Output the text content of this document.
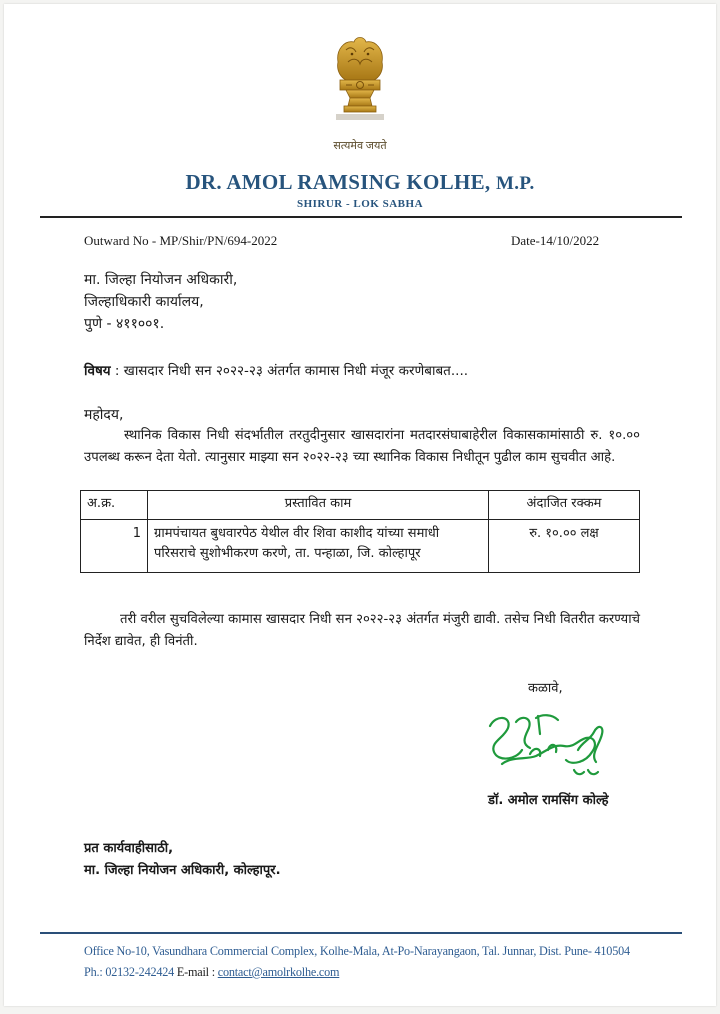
सत्यमेव जयते
DR. AMOL RAMSING KOLHE, M.P.
SHIRUR - LOK SABHA
Outward No - MP/Shir/PN/694-2022	Date-14/10/2022
मा. जिल्हा नियोजन अधिकारी,
जिल्हाधिकारी कार्यालय,
पुणे - ४११००१.
विषय : खासदार निधी सन २०२२-२३ अंतर्गत कामास निधी मंजूर करणेबाबत....
महोदय,
स्थानिक विकास निधी संदर्भातील तरतुदीनुसार खासदारांना मतदारसंघाबाहेरील विकासकामांसाठी रु. १०.०० उपलब्ध करून देता येतो. त्यानुसार माझ्या सन २०२२-२३ च्या स्थानिक विकास निधीतून पुढील काम सुचवीत आहे.
अ.क्र.	प्रस्तावित काम	अंदाजित रक्कम
1	ग्रामपंचायत बुधवारपेठ येथील वीर शिवा काशीद यांच्या समाधी परिसराचे सुशोभीकरण करणे, ता. पन्हाळा, जि. कोल्हापूर	रु. १०.०० लक्ष
तरी वरील सुचविलेल्या कामास खासदार निधी सन २०२२-२३ अंतर्गत मंजुरी द्यावी. तसेच निधी वितरीत करण्याचे निर्देश द्यावेत, ही विनंती.
कळावे,
डॉ. अमोल रामसिंग कोल्हे
प्रत कार्यवाहीसाठी,
मा. जिल्हा नियोजन अधिकारी, कोल्हापूर.
Office No-10, Vasundhara Commercial Complex, Kolhe-Mala, At-Po-Narayangaon, Tal. Junnar, Dist. Pune- 410504
Ph.: 02132-242424 E-mail : contact@amolrkolhe.com
